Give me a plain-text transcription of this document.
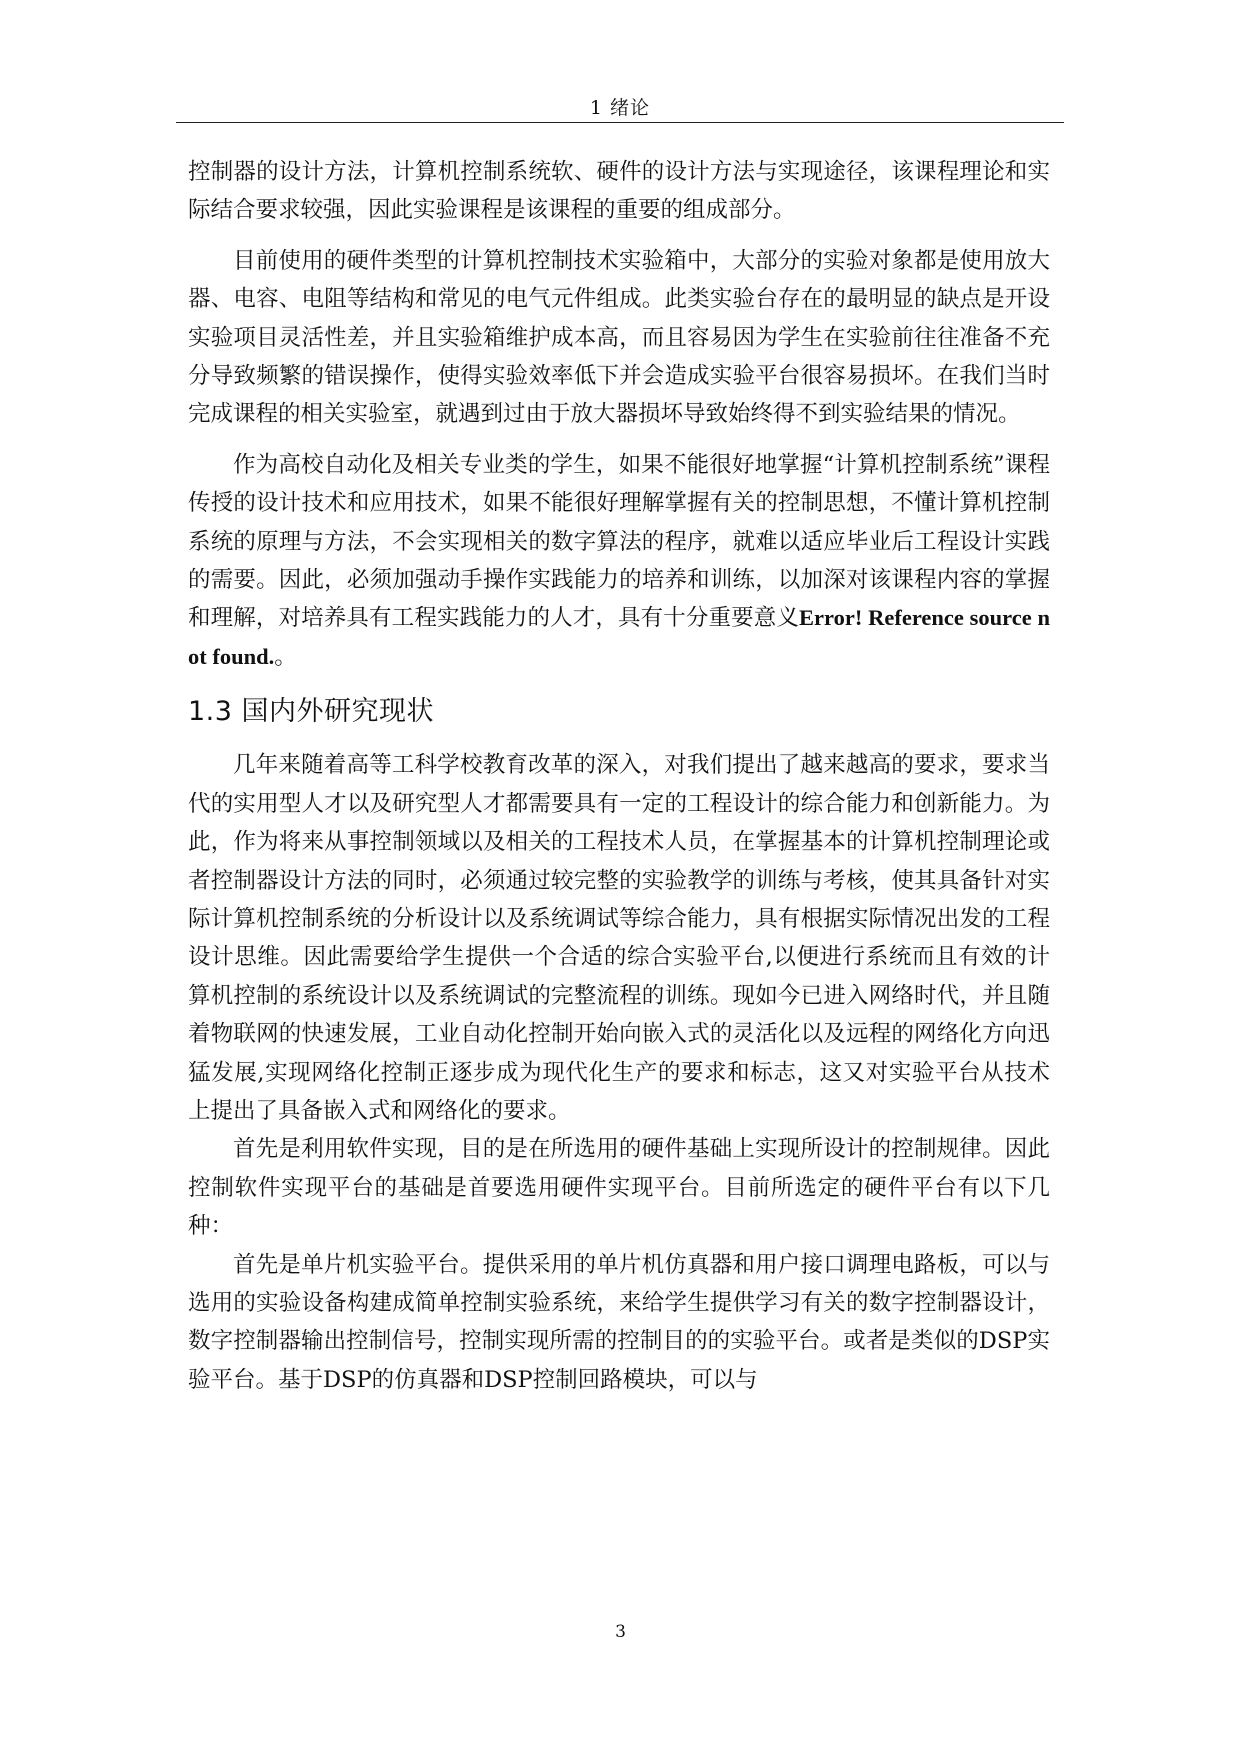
1 绪论

控制器的设计方法，计算机控制系统软、硬件的设计方法与实现途径，该课程理论和实际结合要求较强，因此实验课程是该课程的重要的组成部分。

目前使用的硬件类型的计算机控制技术实验箱中，大部分的实验对象都是使用放大器、电容、电阻等结构和常见的电气元件组成。此类实验台存在的最明显的缺点是开设实验项目灵活性差，并且实验箱维护成本高，而且容易因为学生在实验前往往准备不充分导致频繁的错误操作，使得实验效率低下并会造成实验平台很容易损坏。在我们当时完成课程的相关实验室，就遇到过由于放大器损坏导致始终得不到实验结果的情况。

作为高校自动化及相关专业类的学生，如果不能很好地掌握“计算机控制系统”课程传授的设计技术和应用技术，如果不能很好理解掌握有关的控制思想，不懂计算机控制系统的原理与方法，不会实现相关的数字算法的程序，就难以适应毕业后工程设计实践的需要。因此，必须加强动手操作实践能力的培养和训练，以加深对该课程内容的掌握和理解，对培养具有工程实践能力的人才，具有十分重要意义Error! Reference source not found.。

1.3 国内外研究现状

几年来随着高等工科学校教育改革的深入，对我们提出了越来越高的要求，要求当代的实用型人才以及研究型人才都需要具有一定的工程设计的综合能力和创新能力。为此，作为将来从事控制领域以及相关的工程技术人员，在掌握基本的计算机控制理论或者控制器设计方法的同时，必须通过较完整的实验教学的训练与考核，使其具备针对实际计算机控制系统的分析设计以及系统调试等综合能力，具有根据实际情况出发的工程设计思维。因此需要给学生提供一个合适的综合实验平台,以便进行系统而且有效的计算机控制的系统设计以及系统调试的完整流程的训练。现如今已进入网络时代，并且随着物联网的快速发展，工业自动化控制开始向嵌入式的灵活化以及远程的网络化方向迅猛发展,实现网络化控制正逐步成为现代化生产的要求和标志，这又对实验平台从技术上提出了具备嵌入式和网络化的要求。

首先是利用软件实现，目的是在所选用的硬件基础上实现所设计的控制规律。因此控制软件实现平台的基础是首要选用硬件实现平台。目前所选定的硬件平台有以下几种：

首先是单片机实验平台。提供采用的单片机仿真器和用户接口调理电路板，可以与选用的实验设备构建成简单控制实验系统，来给学生提供学习有关的数字控制器设计，数字控制器输出控制信号，控制实现所需的控制目的的实验平台。或者是类似的DSP实验平台。基于DSP的仿真器和DSP控制回路模块，可以与

3
